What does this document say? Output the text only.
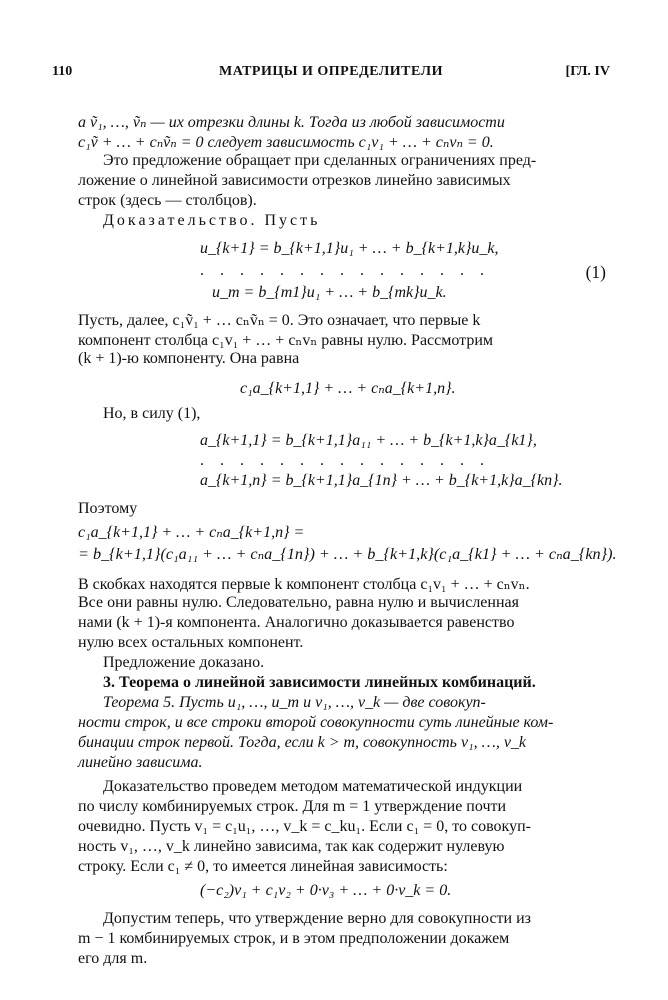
110	МАТРИЦЫ И ОПРЕДЕЛИТЕЛИ	[ГЛ. IV
а ṽ₁, …, ṽₙ — их отрезки длины k. Тогда из любой зависимости
c₁ṽ + … + cₙṽₙ = 0 следует зависимость c₁v₁ + … + cₙvₙ = 0.
Это предложение обращает при сделанных ограничениях пред-
ложение о линейной зависимости отрезков линейно зависимых
строк (здесь — столбцов).
Доказательство. Пусть
u_{k+1} = b_{k+1,1}u₁ + … + b_{k+1,k}u_k,
. . . . . . . . . . . . . . .
u_m = b_{m1}u₁ + … + b_{mk}u_k.
(1)
Пусть, далее, c₁ṽ₁ + … cₙṽₙ = 0. Это означает, что первые k
компонент столбца c₁v₁ + … + cₙvₙ равны нулю. Рассмотрим
(k + 1)-ю компоненту. Она равна
c₁a_{k+1,1} + … + cₙa_{k+1,n}.
Но, в силу (1),
a_{k+1,1} = b_{k+1,1}a₁₁ + … + b_{k+1,k}a_{k1},
. . . . . . . . . . . . . . .
a_{k+1,n} = b_{k+1,1}a_{1n} + … + b_{k+1,k}a_{kn}.
Поэтому
c₁a_{k+1,1} + … + cₙa_{k+1,n} =
= b_{k+1,1}(c₁a₁₁ + … + cₙa_{1n}) + … + b_{k+1,k}(c₁a_{k1} + … + cₙa_{kn}).
В скобках находятся первые k компонент столбца c₁v₁ + … + cₙvₙ.
Все они равны нулю. Следовательно, равна нулю и вычисленная
нами (k + 1)-я компонента. Аналогично доказывается равенство
нулю всех остальных компонент.
Предложение доказано.
3. Теорема о линейной зависимости линейных комбинаций.
Теорема 5. Пусть u₁, …, u_m и v₁, …, v_k — две совокуп-
ности строк, и все строки второй совокупности суть линейные ком-
бинации строк первой. Тогда, если k > m, совокупность v₁, …, v_k
линейно зависима.
Доказательство проведем методом математической индукции
по числу комбинируемых строк. Для m = 1 утверждение почти
очевидно. Пусть v₁ = c₁u₁, …, v_k = c_ku₁. Если c₁ = 0, то совокуп-
ность v₁, …, v_k линейно зависима, так как содержит нулевую
строку. Если c₁ ≠ 0, то имеется линейная зависимость:
(−c₂)v₁ + c₁v₂ + 0·v₃ + … + 0·v_k = 0.
Допустим теперь, что утверждение верно для совокупности из
m − 1 комбинируемых строк, и в этом предположении докажем
его для m.
